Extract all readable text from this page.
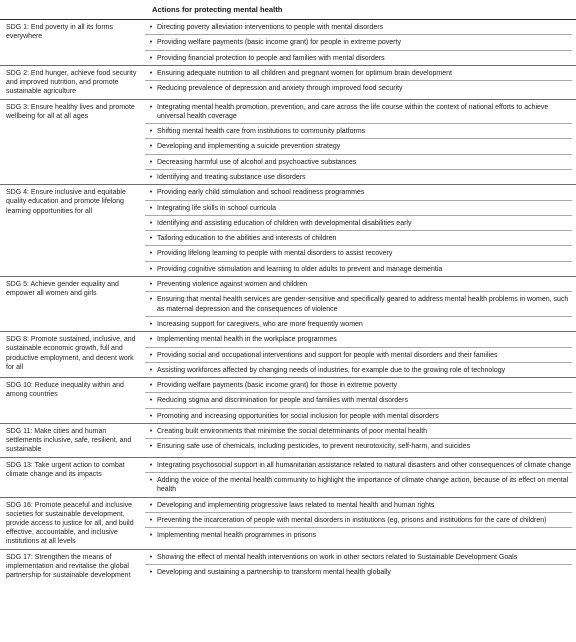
Actions for protecting mental health
SDG 1: End poverty in all its forms everywhere
• Directing poverty alleviation interventions to people with mental disorders
• Providing welfare payments (basic income grant) for people in extreme poverty
• Providing financial protection to people and families with mental disorders
SDG 2: End hunger, achieve food security and improved nutrition, and promote sustainable agriculture
• Ensuring adequate nutrition to all children and pregnant women for optimum brain development
• Reducing prevalence of depression and anxiety through improved food security
SDG 3: Ensure healthy lives and promote wellbeing for all at all ages
• Integrating mental health promotion, prevention, and care across the life course within the context of national efforts to achieve universal health coverage
• Shifting mental health care from institutions to community platforms
• Developing and implementing a suicide prevention strategy
• Decreasing harmful use of alcohol and psychoactive substances
• Identifying and treating substance use disorders
SDG 4: Ensure inclusive and equitable quality education and promote lifelong learning opportunities for all
• Providing early child stimulation and school readiness programmes
• Integrating life skills in school curricula
• Identifying and assisting education of children with developmental disabilities early
• Tailoring education to the abilities and interests of children
• Providing lifelong learning to people with mental disorders to assist recovery
• Providing cognitive stimulation and learning to older adults to prevent and manage dementia
SDG 5: Achieve gender equality and empower all women and girls
• Preventing violence against women and children
• Ensuring that mental health services are gender-sensitive and specifically geared to address mental health problems in women, such as maternal depression and the consequences of violence
• Increasing support for caregivers, who are more frequently women
SDG 8: Promote sustained, inclusive, and sustainable economic growth, full and productive employment, and decent work for all
• Implementing mental health in the workplace programmes
• Providing social and occupational interventions and support for people with mental disorders and their families
• Assisting workforces affected by changing needs of industries, for example due to the growing role of technology
SDG 10: Reduce inequality within and among countries
• Providing welfare payments (basic income grant) for those in extreme poverty
• Reducing stigma and discrimination for people and families with mental disorders
• Promoting and increasing opportunities for social inclusion for people with mental disorders
SDG 11: Make cities and human settlements inclusive, safe, resilient, and sustainable
• Creating built environments that minimise the social determinants of poor mental health
• Ensuring safe use of chemicals, including pesticides, to prevent neurotoxicity, self-harm, and suicides
SDG 13: Take urgent action to combat climate change and its impacts
• Integrating psychosocial support in all humanitarian assistance related to natural disasters and other consequences of climate change
• Adding the voice of the mental health community to highlight the importance of climate change action, because of its effect on mental health
SDG 16: Promote peaceful and inclusive societies for sustainable development, provide access to justice for all, and build effective, accountable, and inclusive institutions at all levels
• Developing and implementing progressive laws related to mental health and human rights
• Preventing the incarceration of people with mental disorders in institutions (eg, prisons and institutions for the care of children)
• Implementing mental health programmes in prisons
SDG 17: Strengthen the means of implementation and revitalise the global partnership for sustainable development
• Showing the effect of mental health interventions on work in other sectors related to Sustainable Development Goals
• Developing and sustaining a partnership to transform mental health globally
